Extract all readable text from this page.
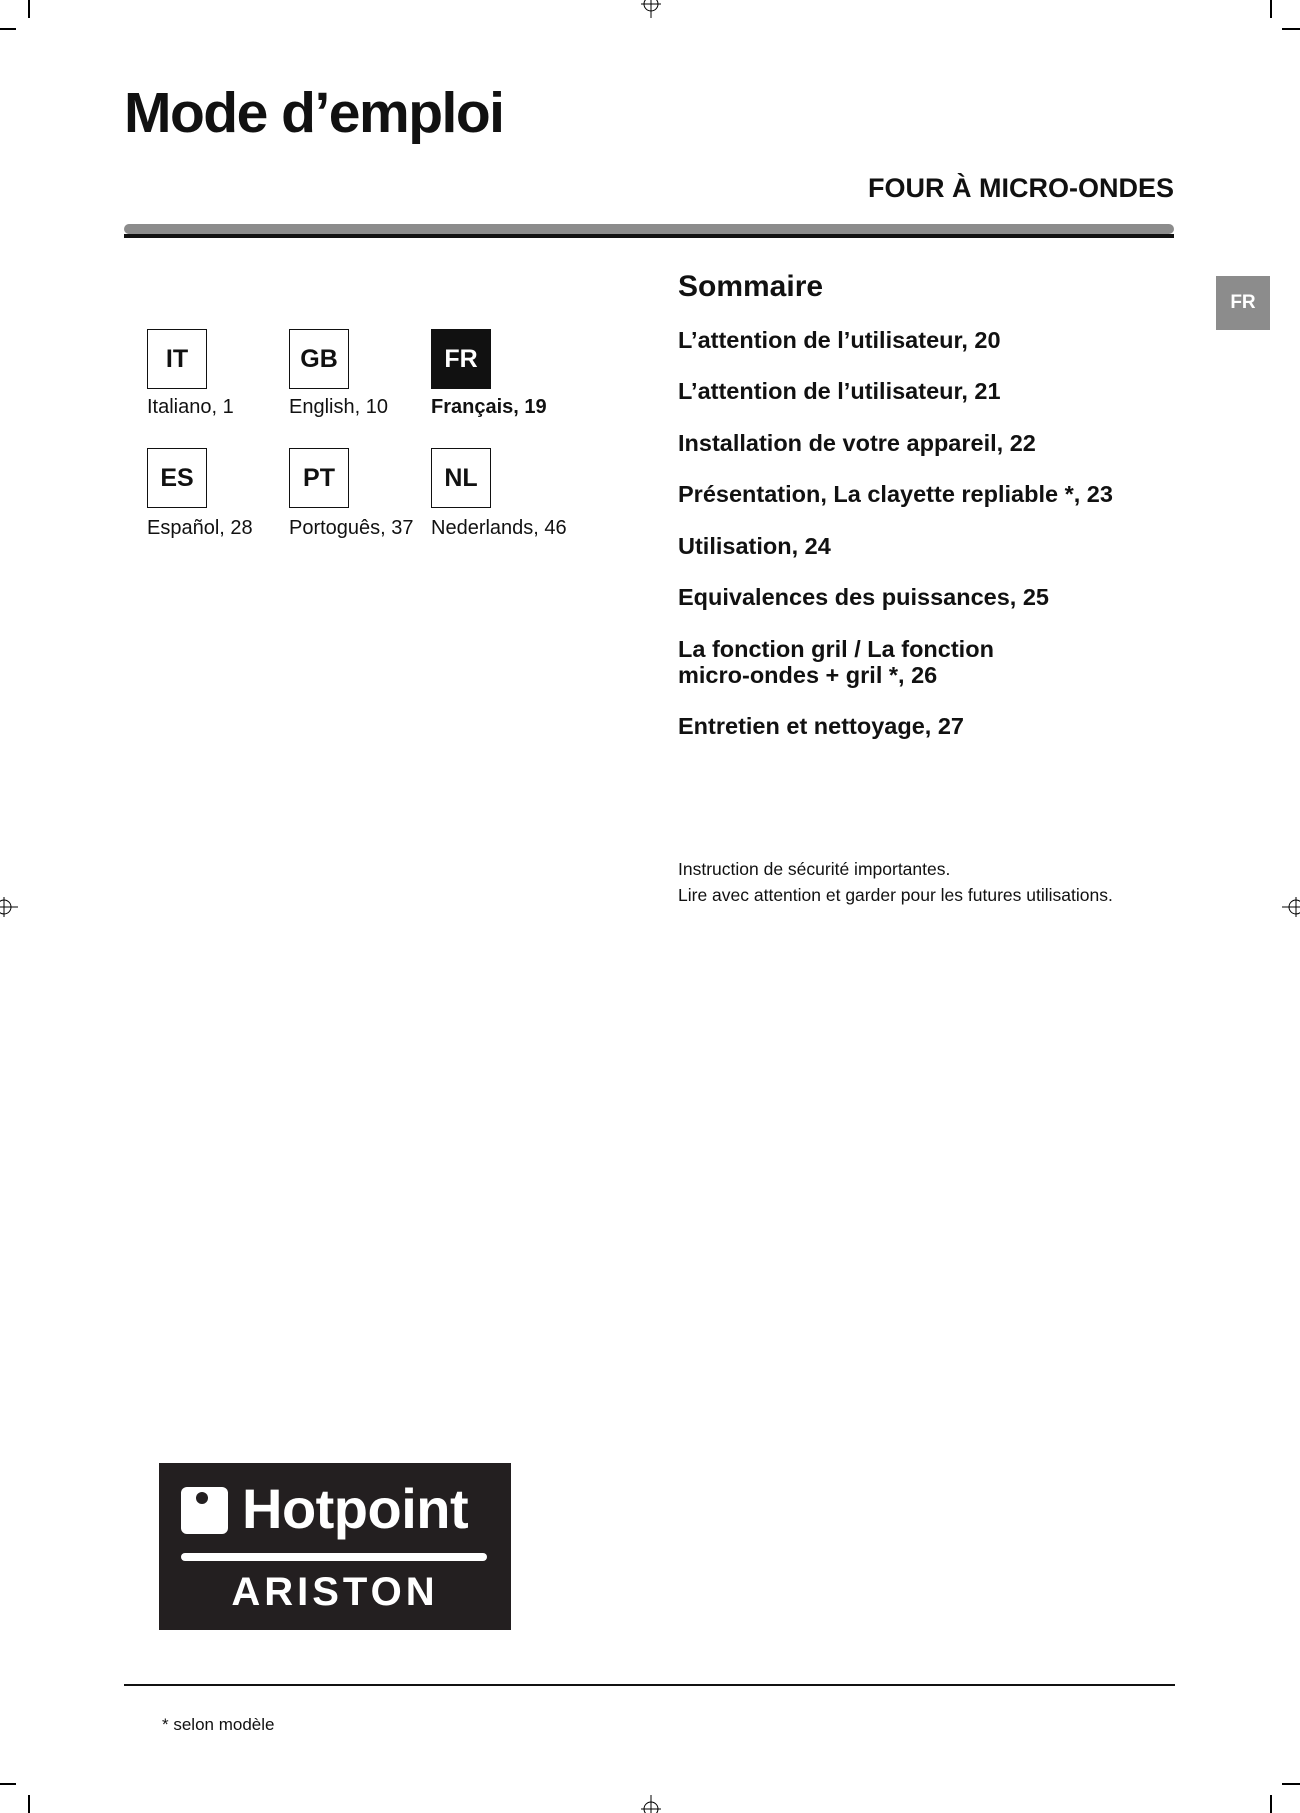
Mode d’emploi
FOUR À MICRO-ONDES
IT
Italiano, 1
GB
English, 10
FR
Français, 19
ES
Español, 28
PT
Portoguês, 37
NL
Nederlands, 46
FR
Sommaire
L’attention de l’utilisateur, 20
L’attention de l’utilisateur, 21
Installation de votre appareil, 22
Présentation, La clayette repliable *, 23
Utilisation, 24
Equivalences des puissances, 25
La fonction gril / La fonction
micro-ondes + gril *, 26
Entretien et nettoyage, 27
Instruction de sécurité importantes.
Lire avec attention et garder pour les futures utilisations.
Hotpoint
ARISTON
* selon modèle
